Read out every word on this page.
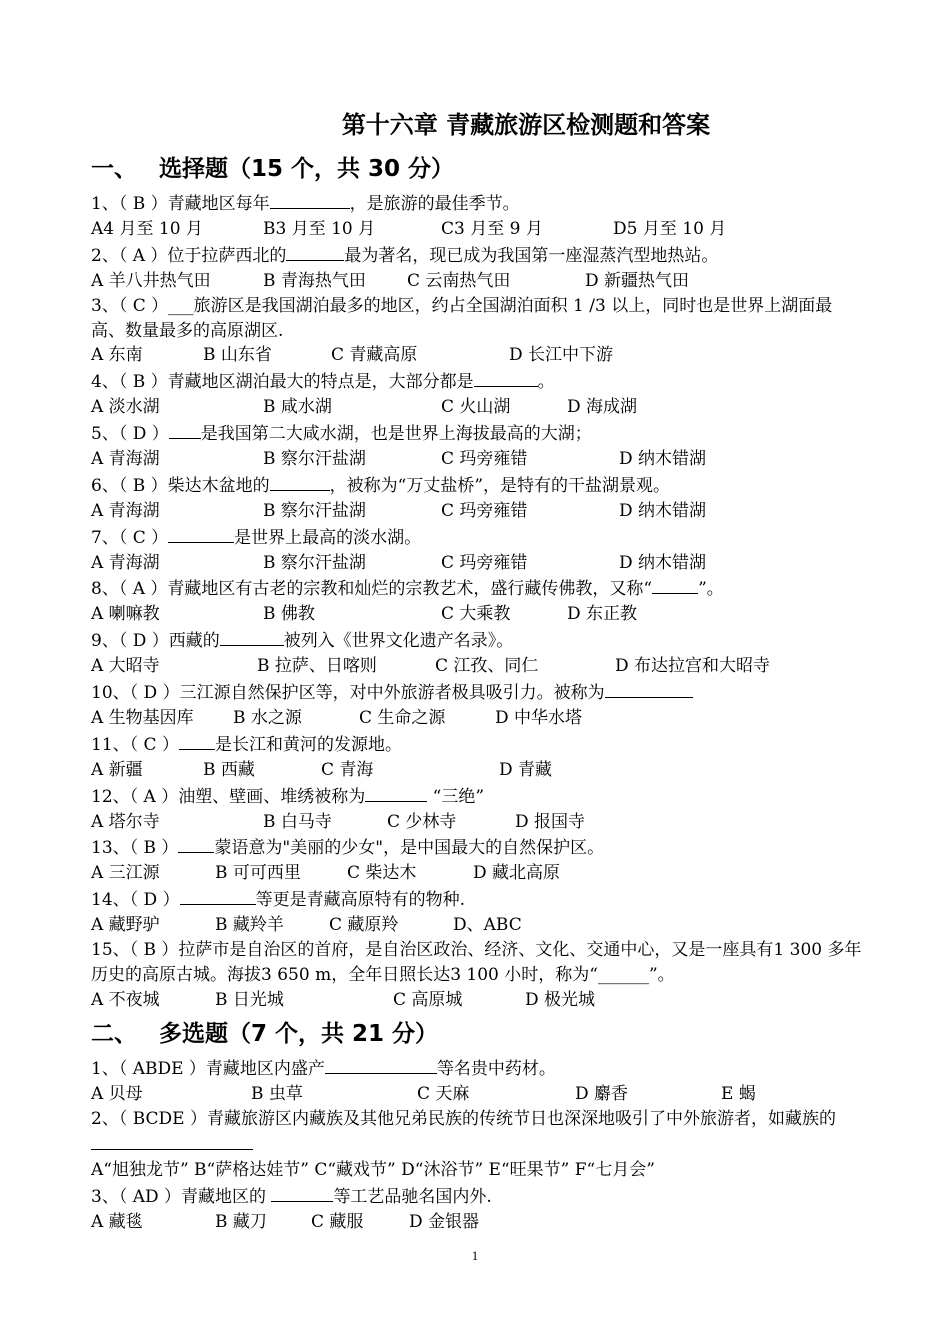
第十六章 青藏旅游区检测题和答案
一、 选择题（15 个，共 30 分）
1、（ B ）青藏地区每年	，是旅游的最佳季节。
A4 月至 10 月	B3 月至 10 月	C3 月至 9 月	D5 月至 10 月
2、（ A ）位于拉萨西北的	最为著名，现已成为我国第一座湿蒸汽型地热站。
A 羊八井热气田	B 青海热气田 C 云南热气田	D 新疆热气田
3、（ C ）___旅游区是我国湖泊最多的地区，约占全国湖泊面积 1 /3 以上，同时也是世界上湖面最高、数量最多的高原湖区.
A 东南	B 山东省	C 青藏高原	D 长江中下游
4、（ B ）青藏地区湖泊最大的特点是，大部分都是	。
A 淡水湖	B 咸水湖	C 火山湖	D 海成湖
5、（ D ） 是我国第二大咸水湖，也是世界上海拔最高的大湖；
A 青海湖	B 察尔汗盐湖	C 玛旁雍错	D 纳木错湖
6、（ B ）柴达木盆地的	，被称为“万丈盐桥”，是特有的干盐湖景观。
A 青海湖	B 察尔汗盐湖	C 玛旁雍错	D 纳木错湖
7、（ C ）	是世界上最高的淡水湖。
A 青海湖	B 察尔汗盐湖	C 玛旁雍错	D 纳木错湖
8、（ A ）青藏地区有古老的宗教和灿烂的宗教艺术，盛行藏传佛教，又称“	”。
A 喇嘛教	B 佛教	C 大乘教	D 东正教
9、（ D ）西藏的	被列入《世界文化遗产名录》。
A 大昭寺	B 拉萨、日喀则	C 江孜、同仁	D 布达拉宫和大昭寺
10、（ D ）三江源自然保护区等，对中外旅游者极具吸引力。被称为
A 生物基因库 B 水之源	C 生命之源	D 中华水塔
11、（ C ） 是长江和黄河的发源地。
A 新疆	B 西藏	C 青海	D 青藏
12、（ A ）油塑、壁画、堆绣被称为	“三绝”
A 塔尔寺	B 白马寺	C 少林寺	D 报国寺
13、（ B ） 蒙语意为"美丽的少女"，是中国最大的自然保护区。
A 三江源	B 可可西里	C 柴达木	D 藏北高原
14、（ D ）	等更是青藏高原特有的物种.
A 藏野驴	B 藏羚羊	C 藏原羚	D、ABC
15、（ B ）拉萨市是自治区的首府，是自治区政治、经济、文化、交通中心，又是一座具有1 300 多年历史的高原古城。海拔3 650 m，全年日照长达3 100 小时，称为“______”。
A 不夜城	B 日光城	C 高原城	D 极光城
二、 多选题（7 个，共 21 分）
1、（ ABDE ）青藏地区内盛产	等名贵中药材。
A 贝母	B 虫草	C 天麻	D 麝香	E 蝎
2、（ BCDE ）青藏旅游区内藏族及其他兄弟民族的传统节日也深深地吸引了中外旅游者，如藏族的
A“旭独龙节” B“萨格达娃节” C“藏戏节” D“沐浴节” E“旺果节” F“七月会”
3、（ AD ）青藏地区的	等工艺品驰名国内外.
A 藏毯	B 藏刀	C 藏服	D 金银器
1
